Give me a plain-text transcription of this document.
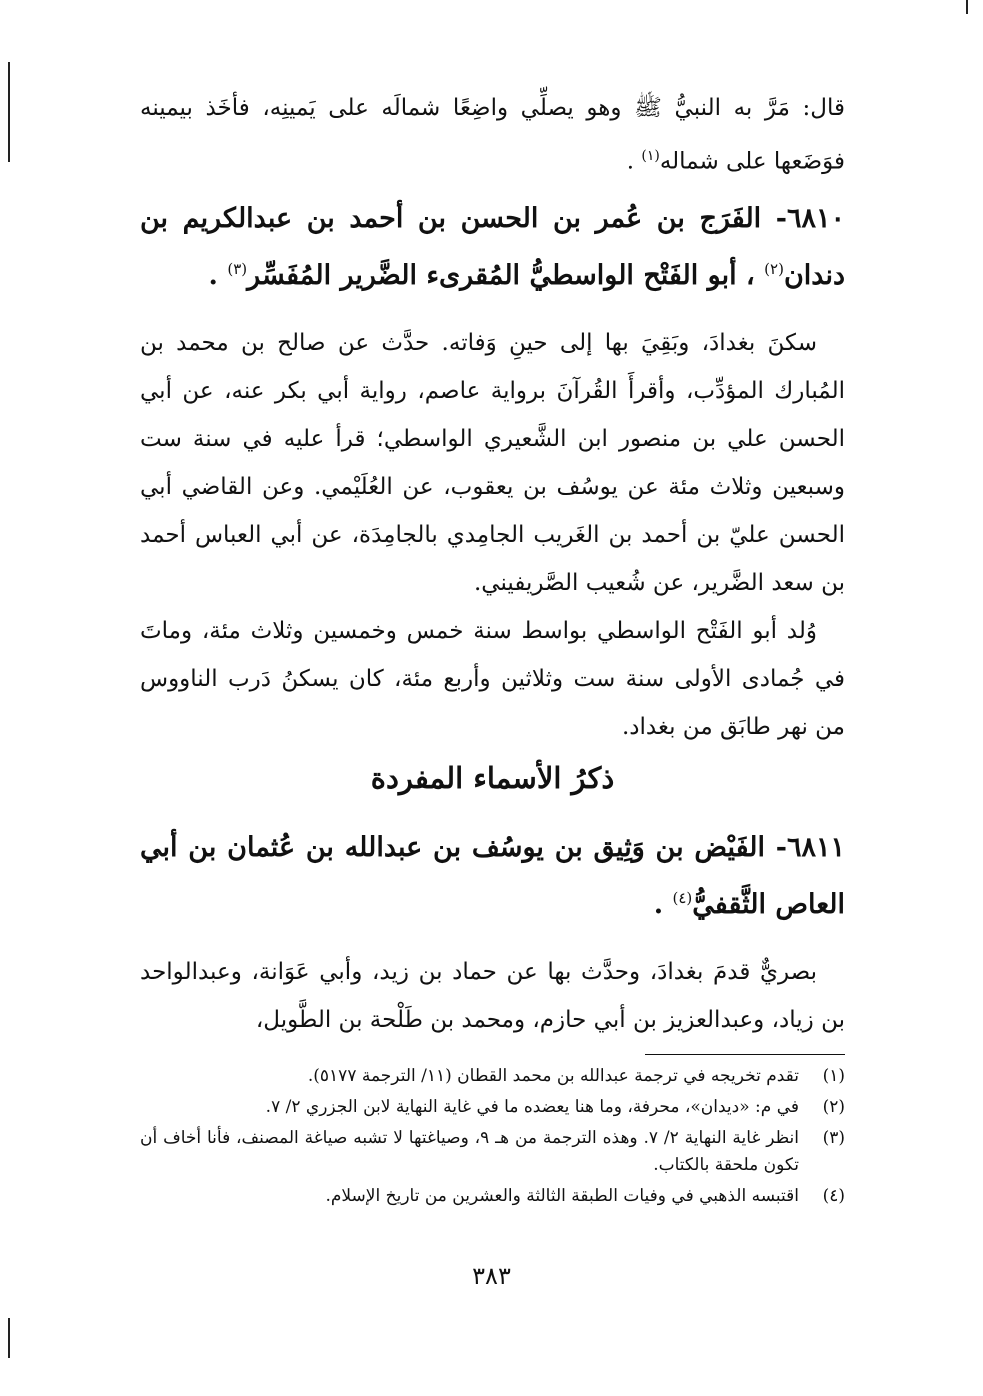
قال: مَرَّ به النبيُّ ﷺ وهو يصلِّي واضِعًا شمالَه على يَمينِه، فأخَذ بيمينه فوَضَعها على شماله$^{(١)}$ .

٦٨١٠- الفَرَج بن عُمر بن الحسن بن أحمد بن عبدالكريم بن دندان$^{(٢)}$ ، أبو الفَتْح الواسطيُّ المُقرىء الضَّرير المُفَسِّر$^{(٣)}$ .

سكنَ بغدادَ، وبَقِيَ بها إلى حينِ وَفاته. حدَّث عن صالح بن محمد بن المُبارك المؤدِّب، وأقرأَ القُرآنَ برواية عاصم، رواية أبي بكر عنه، عن أبي الحسن علي بن منصور ابن الشَّعيري الواسطي؛ قرأ عليه في سنة ست وسبعين وثلاث مئة عن يوسُف بن يعقوب، عن العُلَيْمي. وعن القاضي أبي الحسن عليّ بن أحمد بن الغَريب الجامِدي بالجامِدَة، عن أبي العباس أحمد بن سعد الضَّرير، عن شُعيب الصَّريفيني.

وُلد أبو الفَتْح الواسطي بواسط سنة خمس وخمسين وثلاث مئة، وماتَ في جُمادى الأولى سنة ست وثلاثين وأربع مئة، كان يسكنُ دَرب الناووس من نهر طابَق من بغداد.

ذكرُ الأسماء المفردة

٦٨١١- الفَيْض بن وَثِيق بن يوسُف بن عبدالله بن عُثمان بن أبي العاص الثَّقفيُّ$^{(٤)}$ .

بصريٌّ قدمَ بغدادَ، وحدَّث بها عن حماد بن زيد، وأبي عَوَانة، وعبدالواحد بن زياد، وعبدالعزيز بن أبي حازم، ومحمد بن طَلْحة بن الطَّويل،

(١)
تقدم تخريجه في ترجمة عبدالله بن محمد القطان (١١/ الترجمة ٥١٧٧).
(٢)
في م: «ديدان»، محرفة، وما هنا يعضده ما في غاية النهاية لابن الجزري ٢/ ٧.
(٣)
انظر غاية النهاية ٢/ ٧. وهذه الترجمة من هـ ٩، وصياغتها لا تشبه صياغة المصنف، فأنا أخاف أن تكون ملحقة بالكتاب.
(٤)
اقتبسه الذهبي في وفيات الطبقة الثالثة والعشرين من تاريخ الإسلام.
٣٨٣
